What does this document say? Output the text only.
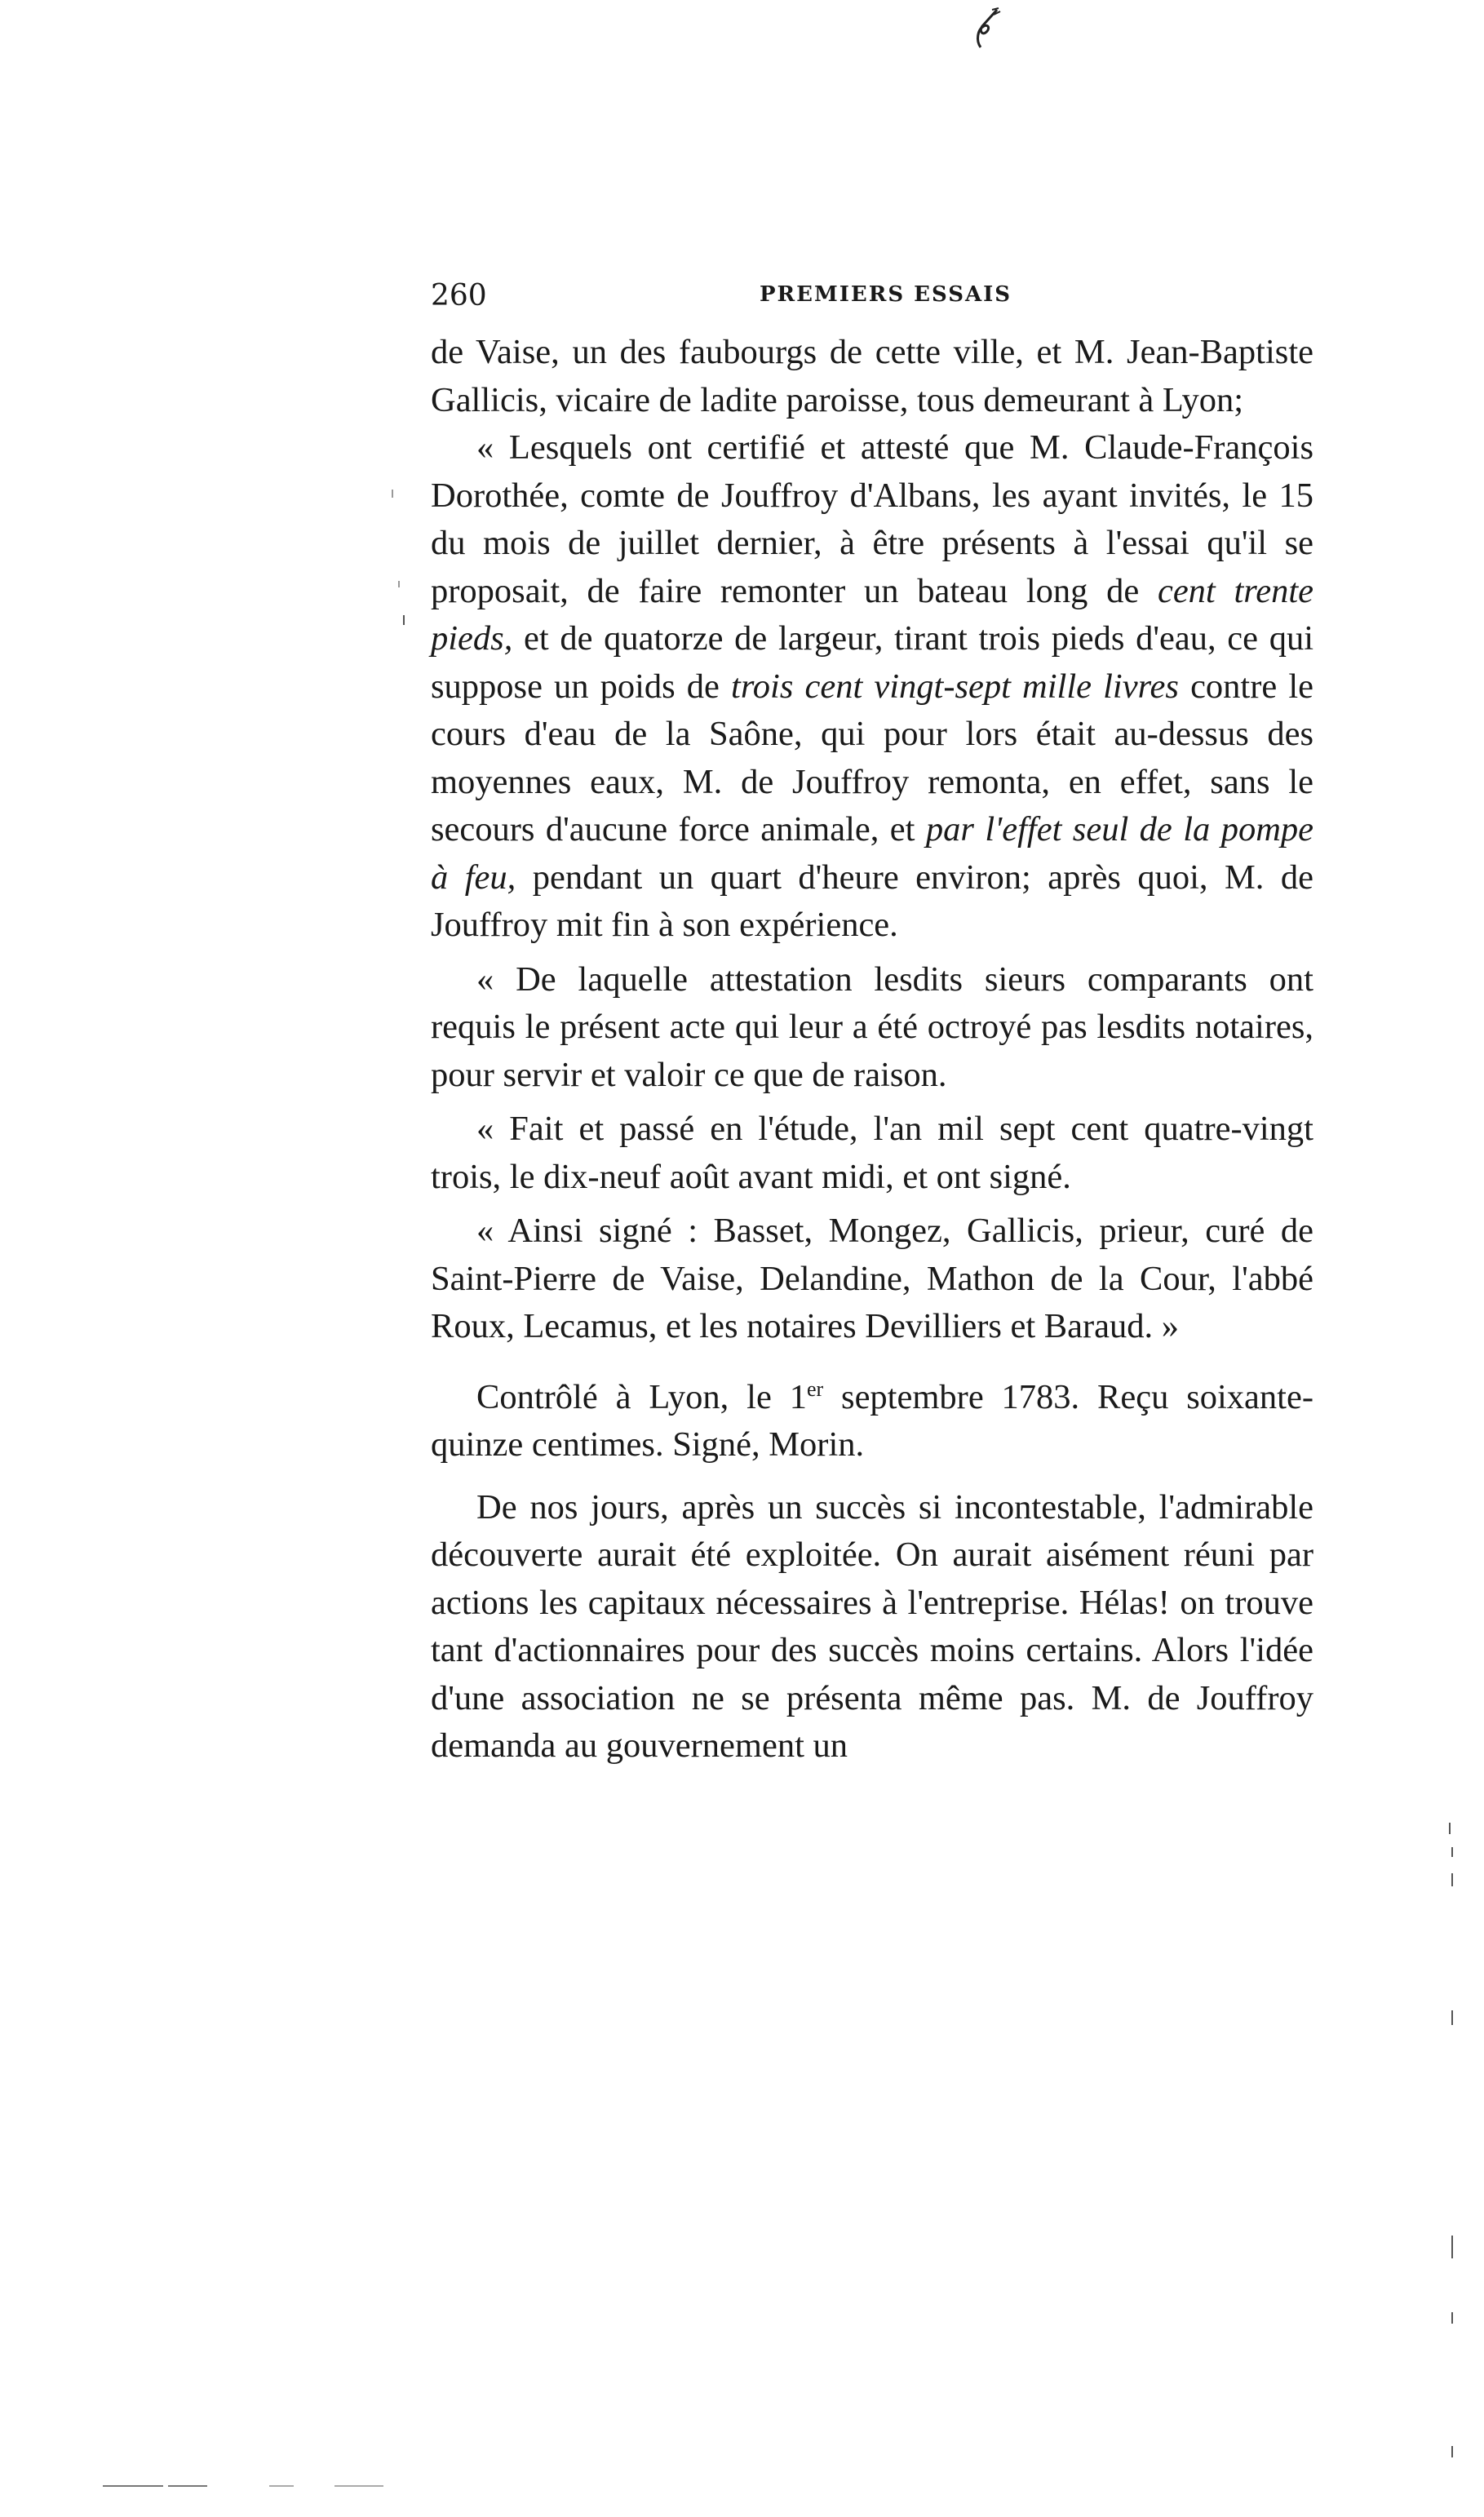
260	PREMIERS ESSAIS

de Vaise, un des faubourgs de cette ville, et M. Jean-Baptiste Gallicis, vicaire de ladite paroisse, tous demeurant à Lyon;

« Lesquels ont certifié et attesté que M. Claude-François Dorothée, comte de Jouffroy d'Albans, les ayant invités, le 15 du mois de juillet dernier, à être présents à l'essai qu'il se proposait, de faire remonter un bateau long de cent trente pieds, et de quatorze de largeur, tirant trois pieds d'eau, ce qui suppose un poids de trois cent vingt-sept mille livres contre le cours d'eau de la Saône, qui pour lors était au-dessus des moyennes eaux, M. de Jouffroy remonta, en effet, sans le secours d'aucune force animale, et par l'effet seul de la pompe à feu, pendant un quart d'heure environ; après quoi, M. de Jouffroy mit fin à son expérience.

« De laquelle attestation lesdits sieurs comparants ont requis le présent acte qui leur a été octroyé pas lesdits notaires, pour servir et valoir ce que de raison.

« Fait et passé en l'étude, l'an mil sept cent quatre-vingt trois, le dix-neuf août avant midi, et ont signé.

« Ainsi signé : Basset, Mongez, Gallicis, prieur, curé de Saint-Pierre de Vaise, Delandine, Mathon de la Cour, l'abbé Roux, Lecamus, et les notaires Devilliers et Baraud. »

Contrôlé à Lyon, le 1er septembre 1783. Reçu soixante-quinze centimes. Signé, Morin.

De nos jours, après un succès si incontestable, l'admirable découverte aurait été exploitée. On aurait aisément réuni par actions les capitaux nécessaires à l'entreprise. Hélas! on trouve tant d'actionnaires pour des succès moins certains. Alors l'idée d'une association ne se présenta même pas. M. de Jouffroy demanda au gouvernement un
